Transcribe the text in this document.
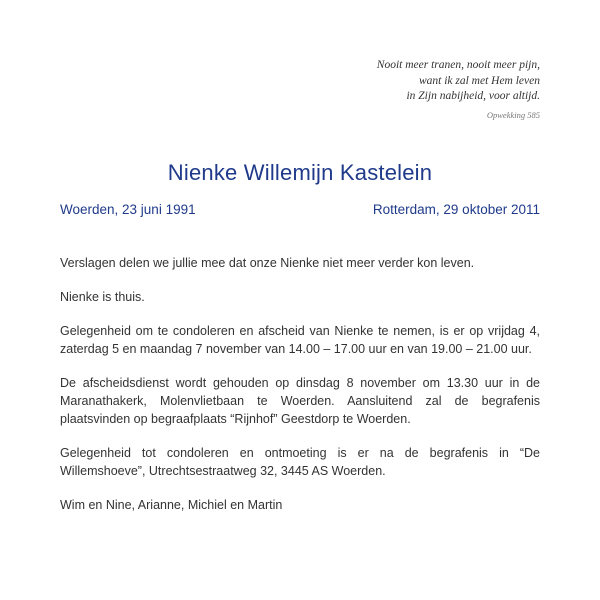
Nooit meer tranen, nooit meer pijn,
want ik zal met Hem leven
in Zijn nabijheid, voor altijd.
Opwekking 585
Nienke Willemijn Kastelein
Woerden, 23 juni 1991	Rotterdam, 29 oktober 2011

Verslagen delen we jullie mee dat onze Nienke niet meer verder kon leven.

Nienke is thuis.

Gelegenheid om te condoleren en afscheid van Nienke te nemen, is er op vrijdag 4, zaterdag 5 en maandag 7 november van 14.00 – 17.00 uur en van 19.00 – 21.00 uur.

De afscheidsdienst wordt gehouden op dinsdag 8 november om 13.30 uur in de Maranathakerk, Molenvlietbaan te Woerden. Aansluitend zal de begrafenis plaatsvinden op begraafplaats “Rijnhof” Geestdorp te Woerden.

Gelegenheid tot condoleren en ontmoeting is er na de begrafenis in “De Willemshoeve”, Utrechtsestraatweg 32, 3445 AS Woerden.

Wim en Nine, Arianne, Michiel en Martin
